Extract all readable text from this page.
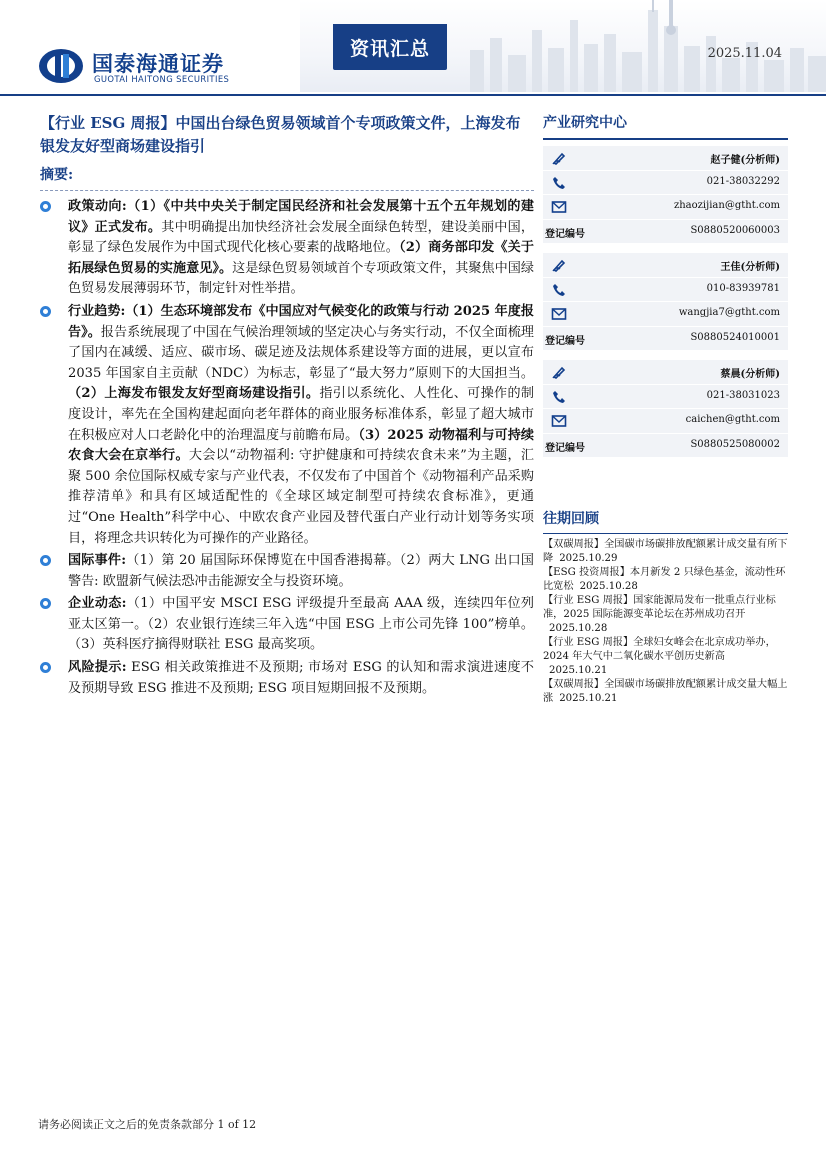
国泰海通证券
GUOTAI HAITONG SECURITIES
资讯汇总	2025.11.04
【行业 ESG 周报】中国出台绿色贸易领域首个专项政策文件，上海发布银发友好型商场建设指引
摘要:
政策动向:（1）《中共中央关于制定国民经济和社会发展第十五个五年规划的建议》正式发布。其中明确提出加快经济社会发展全面绿色转型，建设美丽中国，彰显了绿色发展作为中国式现代化核心要素的战略地位。（2）商务部印发《关于拓展绿色贸易的实施意见》。这是绿色贸易领域首个专项政策文件，其聚焦中国绿色贸易发展薄弱环节，制定针对性举措。
行业趋势:（1）生态环境部发布《中国应对气候变化的政策与行动 2025 年度报告》。报告系统展现了中国在气候治理领域的坚定决心与务实行动，不仅全面梳理了国内在减缓、适应、碳市场、碳足迹及法规体系建设等方面的进展，更以宣布 2035 年国家自主贡献（NDC）为标志，彰显了“最大努力”原则下的大国担当。（2）上海发布银发友好型商场建设指引。指引以系统化、人性化、可操作的制度设计，率先在全国构建起面向老年群体的商业服务标准体系，彰显了超大城市在积极应对人口老龄化中的治理温度与前瞻布局。（3）2025 动物福利与可持续农食大会在京举行。大会以“动物福利: 守护健康和可持续农食未来”为主题，汇聚 500 余位国际权威专家与产业代表，不仅发布了中国首个《动物福利产品采购推荐清单》和具有区域适配性的《全球区域定制型可持续农食标准》，更通过“One Health”科学中心、中欧农食产业园及替代蛋白产业行动计划等务实项目，将理念共识转化为可操作的产业路径。
国际事件:（1）第 20 届国际环保博览在中国香港揭幕。（2）两大 LNG 出口国警告: 欧盟新气候法恐冲击能源安全与投资环境。
企业动态:（1）中国平安 MSCI ESG 评级提升至最高 AAA 级，连续四年位列亚太区第一。（2）农业银行连续三年入选“中国 ESG 上市公司先锋 100”榜单。（3）英科医疗摘得财联社 ESG 最高奖项。
风险提示: ESG 相关政策推进不及预期; 市场对 ESG 的认知和需求演进速度不及预期导致 ESG 推进不及预期; ESG 项目短期回报不及预期。
产业研究中心
赵子健(分析师)
021-38032292
zhaozijian@gtht.com
登记编号	S0880520060003
王佳(分析师)
010-83939781
wangjia7@gtht.com
登记编号	S0880524010001
蔡晨(分析师)
021-38031023
caichen@gtht.com
登记编号	S0880525080002
往期回顾
【双碳周报】全国碳市场碳排放配额累计成交量有所下降 2025.10.29
【ESG 投资周报】本月新发 2 只绿色基金，流动性环比宽松 2025.10.28
【行业 ESG 周报】国家能源局发布一批重点行业标准，2025 国际能源变革论坛在苏州成功召开2025.10.28
【行业 ESG 周报】全球妇女峰会在北京成功举办，2024 年大气中二氧化碳水平创历史新高2025.10.21
【双碳周报】全国碳市场碳排放配额累计成交量大幅上涨 2025.10.21
请务必阅读正文之后的免责条款部分 1 of 12
